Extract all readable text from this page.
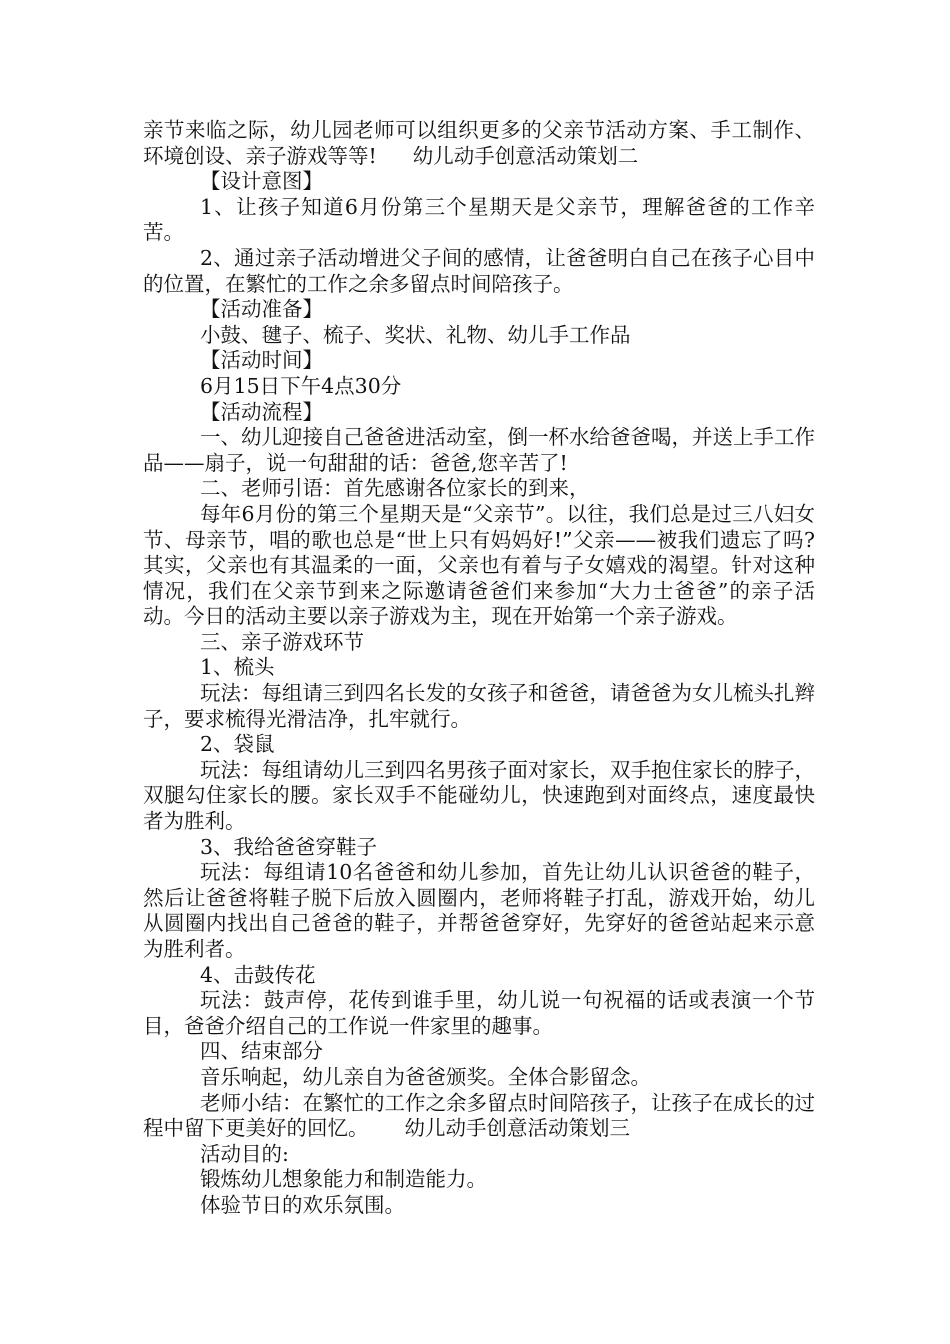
亲节来临之际，幼儿园老师可以组织更多的父亲节活动方案、手工制作、环境创设、亲子游戏等等! 幼儿动手创意活动策划二

【设计意图】

1、让孩子知道6月份第三个星期天是父亲节，理解爸爸的工作辛苦。

2、通过亲子活动增进父子间的感情，让爸爸明白自己在孩子心目中的位置，在繁忙的工作之余多留点时间陪孩子。

【活动准备】

小鼓、毽子、梳子、奖状、礼物、幼儿手工作品

【活动时间】

6月15日下午4点30分

【活动流程】

一、幼儿迎接自己爸爸进活动室，倒一杯水给爸爸喝，并送上手工作品——扇子，说一句甜甜的话：爸爸,您辛苦了!

二、老师引语：首先感谢各位家长的到来，

每年6月份的第三个星期天是“父亲节”。以往，我们总是过三八妇女节、母亲节，唱的歌也总是“世上只有妈妈好!”父亲——被我们遗忘了吗?其实，父亲也有其温柔的一面，父亲也有着与子女嬉戏的渴望。针对这种情况，我们在父亲节到来之际邀请爸爸们来参加“大力士爸爸”的亲子活动。今日的活动主要以亲子游戏为主，现在开始第一个亲子游戏。

三、亲子游戏环节

1、梳头

玩法：每组请三到四名长发的女孩子和爸爸，请爸爸为女儿梳头扎辫子，要求梳得光滑洁净，扎牢就行。

2、袋鼠

玩法：每组请幼儿三到四名男孩子面对家长，双手抱住家长的脖子，双腿勾住家长的腰。家长双手不能碰幼儿，快速跑到对面终点，速度最快者为胜利。

3、我给爸爸穿鞋子

玩法：每组请10名爸爸和幼儿参加，首先让幼儿认识爸爸的鞋子，然后让爸爸将鞋子脱下后放入圆圈内，老师将鞋子打乱，游戏开始，幼儿从圆圈内找出自己爸爸的鞋子，并帮爸爸穿好，先穿好的爸爸站起来示意为胜利者。

4、击鼓传花

玩法：鼓声停，花传到谁手里，幼儿说一句祝福的话或表演一个节目，爸爸介绍自己的工作说一件家里的趣事。

四、结束部分

音乐响起，幼儿亲自为爸爸颁奖。全体合影留念。

老师小结：在繁忙的工作之余多留点时间陪孩子，让孩子在成长的过程中留下更美好的回忆。 幼儿动手创意活动策划三

活动目的:

锻炼幼儿想象能力和制造能力。

体验节日的欢乐氛围。
